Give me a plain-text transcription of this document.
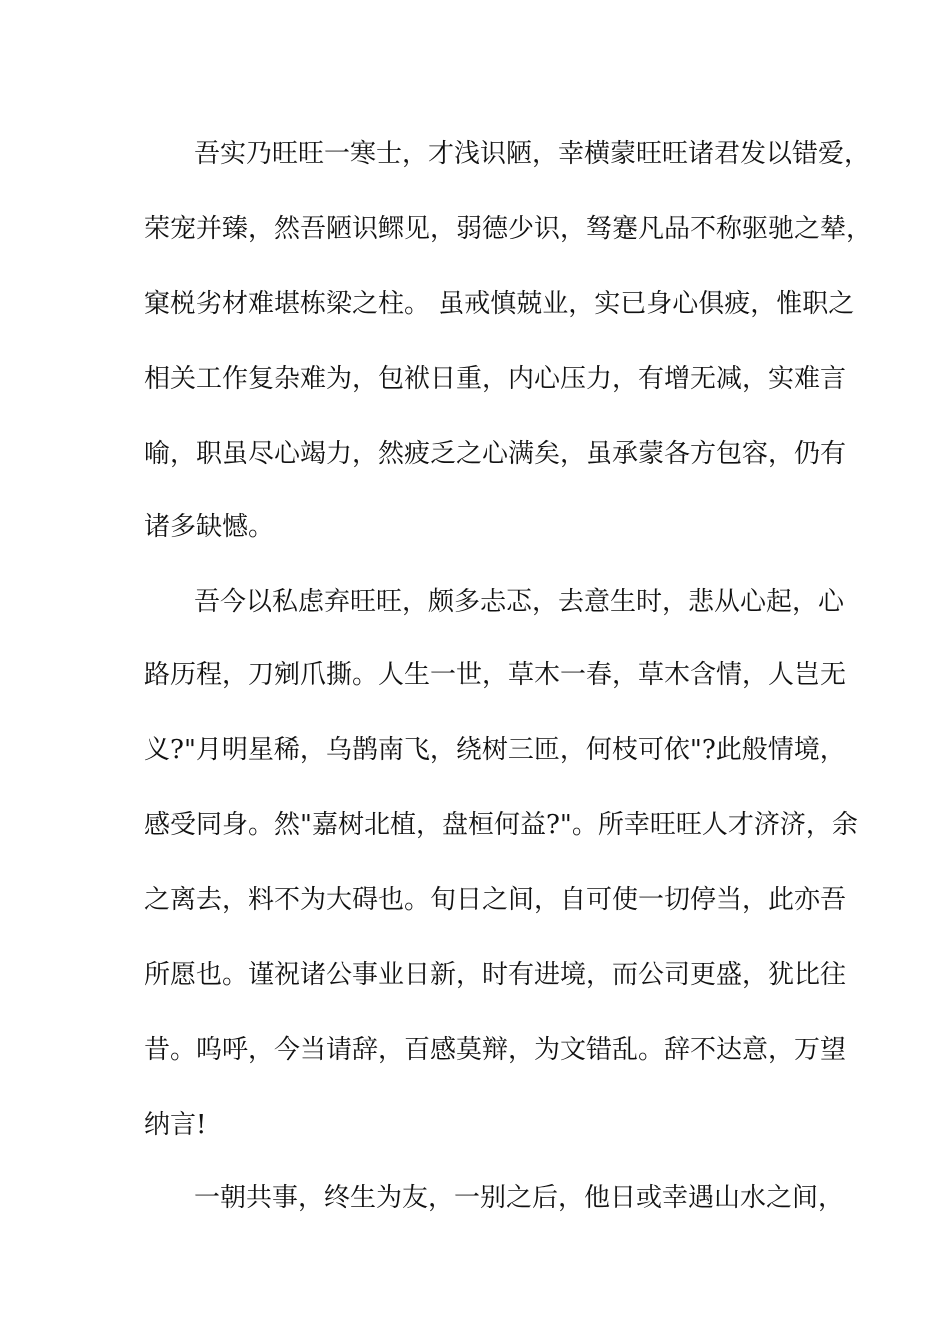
吾实乃旺旺一寒士，才浅识陋，幸横蒙旺旺诸君发以错爱，
荣宠并臻，然吾陋识鳏见，弱德少识，驽蹇凡品不称驱驰之辇，
窠棁劣材难堪栋梁之柱。 虽戒慎兢业，实已身心俱疲，惟职之
相关工作复杂难为，包袱日重，内心压力，有增无减，实难言
喻，职虽尽心竭力，然疲乏之心满矣，虽承蒙各方包容，仍有
诸多缺憾。
吾今以私虑弃旺旺，颇多忐忑，去意生时，悲从心起，心
路历程，刀剜爪撕。人生一世，草木一春，草木含情，人岂无
义?"月明星稀，乌鹊南飞，绕树三匝，何枝可依"?此般情境，
感受同身。然"嘉树北植，盘桓何益?"。所幸旺旺人才济济，余
之离去，料不为大碍也。旬日之间，自可使一切停当，此亦吾
所愿也。谨祝诸公事业日新，时有进境，而公司更盛，犹比往
昔。呜呼，今当请辞，百感莫辩，为文错乱。辞不达意，万望
纳言!
一朝共事，终生为友，一别之后，他日或幸遇山水之间，
